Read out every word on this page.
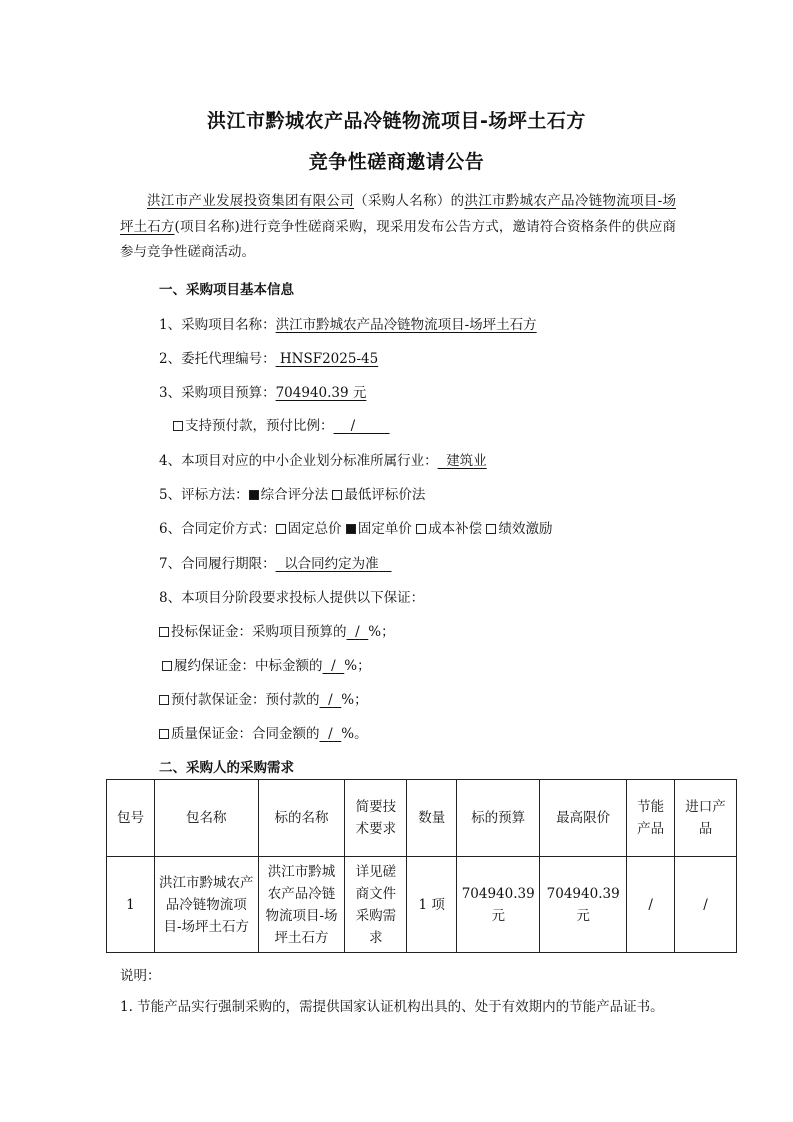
洪江市黔城农产品冷链物流项目-场坪土石方
竞争性磋商邀请公告
洪江市产业发展投资集团有限公司（采购人名称）的洪江市黔城农产品冷链物流项目-场坪土石方(项目名称)进行竞争性磋商采购，现采用发布公告方式，邀请符合资格条件的供应商参与竞争性磋商活动。
一、采购项目基本信息
1、采购项目名称：洪江市黔城农产品冷链物流项目-场坪土石方
2、委托代理编号： HNSF2025-45
3、采购项目预算：704940.39 元
支持预付款，预付比例： /
4、本项目对应的中小企业划分标准所属行业： 建筑业
5、评标方法： 综合评分法 最低评标价法
6、合同定价方式： 固定总价 固定单价 成本补偿 绩效激励
7、合同履行期限： 以合同约定为准
8、本项目分阶段要求投标人提供以下保证：
投标保证金：采购项目预算的 / %；
履约保证金：中标金额的 / %；
预付款保证金：预付款的 / %；
质量保证金：合同金额的 / %。
二、采购人的采购需求
包号	包名称	标的名称	简要技术要求	数量	标的预算	最高限价	节能产品	进口产品
1	洪江市黔城农产品冷链物流项目-场坪土石方	洪江市黔城农产品冷链物流项目-场坪土石方	详见磋商文件采购需求	1 项	704940.39元	704940.39元	/	/
说明：
1. 节能产品实行强制采购的，需提供国家认证机构出具的、处于有效期内的节能产品证书。
